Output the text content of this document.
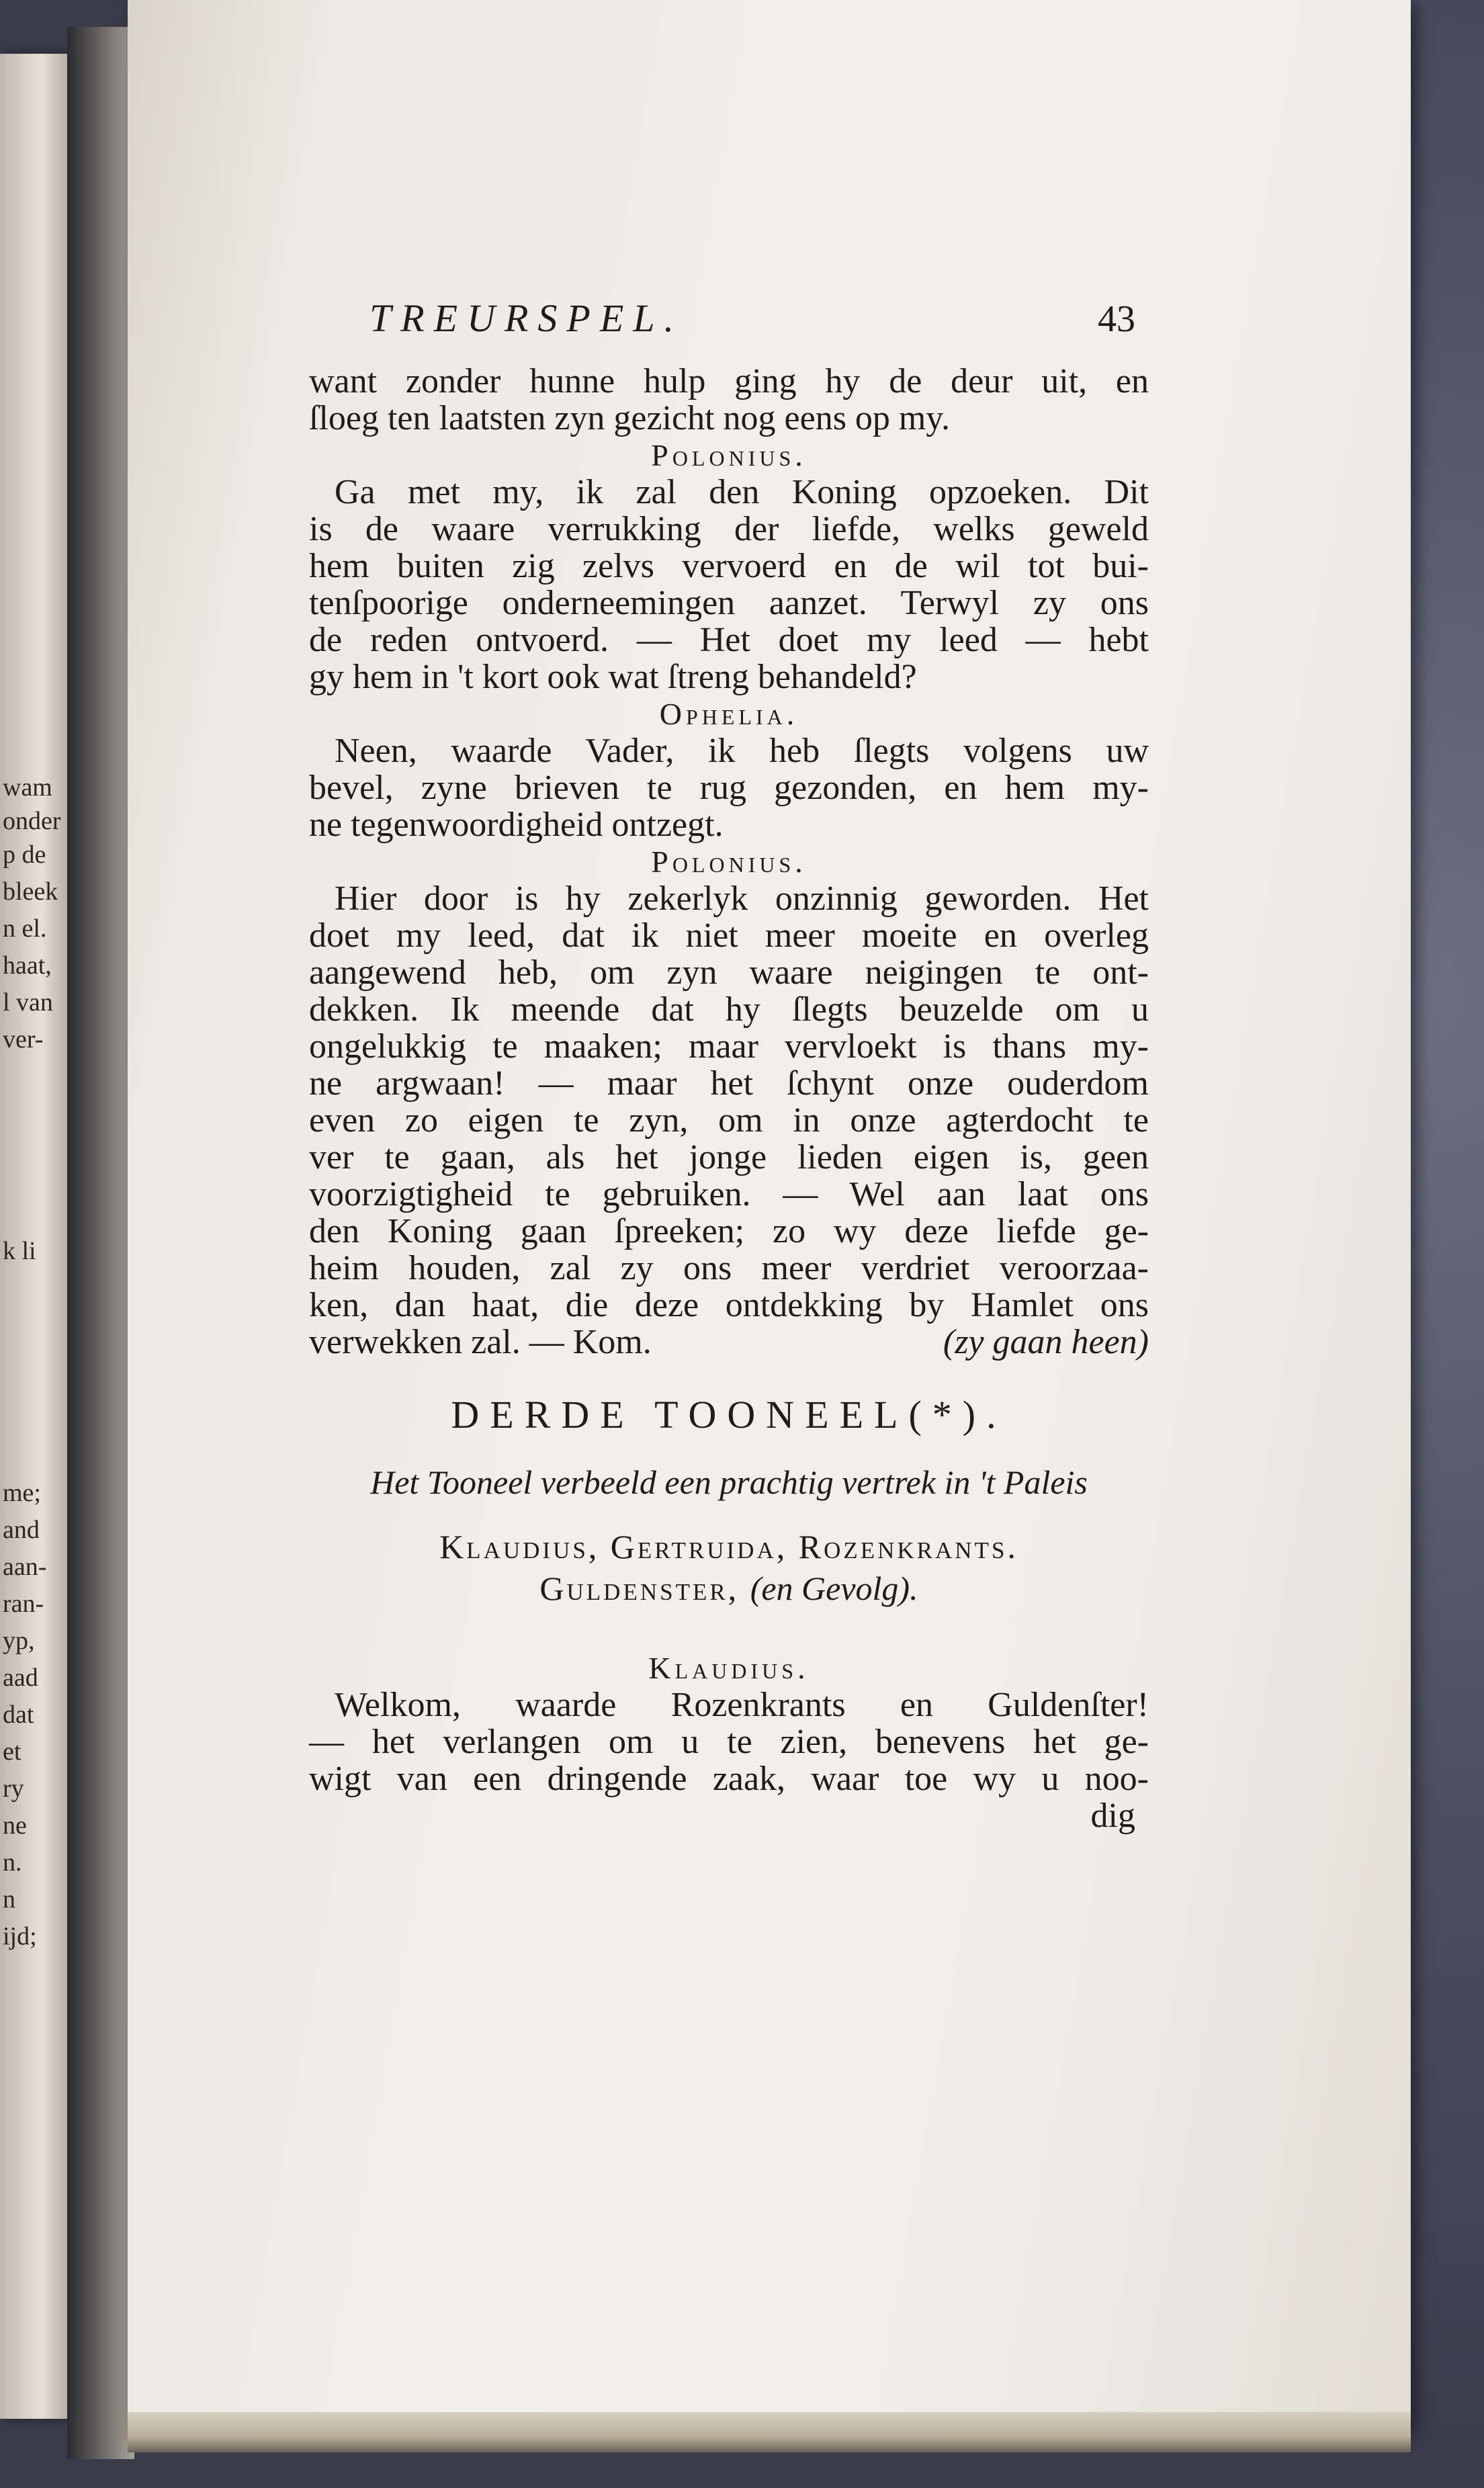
wam
onder
p de
bleek
n el.
haat,
l van
ver-
k li
me;
and
aan-
ran-
yp,
aad
dat
et
ry
ne
n.
n
ijd;
TREURSPEL.	43
want zonder hunne hulp ging hy de deur uit, en
ſloeg ten laatsten zyn gezicht nog eens op my.
Polonius.
Ga met my, ik zal den Koning opzoeken. Dit
is de waare verrukking der liefde, welks geweld
hem buiten zig zelvs vervoerd en de wil tot bui-
tenſpoorige onderneemingen aanzet. Terwyl zy ons
de reden ontvoerd. — Het doet my leed — hebt
gy hem in 't kort ook wat ſtreng behandeld?
Ophelia.
Neen, waarde Vader, ik heb ſlegts volgens uw
bevel, zyne brieven te rug gezonden, en hem my-
ne tegenwoordigheid ontzegt.
Polonius.
Hier door is hy zekerlyk onzinnig geworden. Het
doet my leed, dat ik niet meer moeite en overleg
aangewend heb, om zyn waare neigingen te ont-
dekken. Ik meende dat hy ſlegts beuzelde om u
ongelukkig te maaken; maar vervloekt is thans my-
ne argwaan! — maar het ſchynt onze ouderdom
even zo eigen te zyn, om in onze agterdocht te
ver te gaan, als het jonge lieden eigen is, geen
voorzigtigheid te gebruiken. — Wel aan laat ons
den Koning gaan ſpreeken; zo wy deze liefde ge-
heim houden, zal zy ons meer verdriet veroorzaa-
ken, dan haat, die deze ontdekking by Hamlet ons
verwekken zal. — Kom.	(zy gaan heen)
DERDE TOONEEL(*).
Het Tooneel verbeeld een prachtig vertrek in 't Paleis
Klaudius, Gertruida, Rozenkrants.
Guldenster, (en Gevolg).
Klaudius.
Welkom, waarde Rozenkrants en Guldenſter!
— het verlangen om u te zien, benevens het ge-
wigt van een dringende zaak, waar toe wy u noo-
dig
